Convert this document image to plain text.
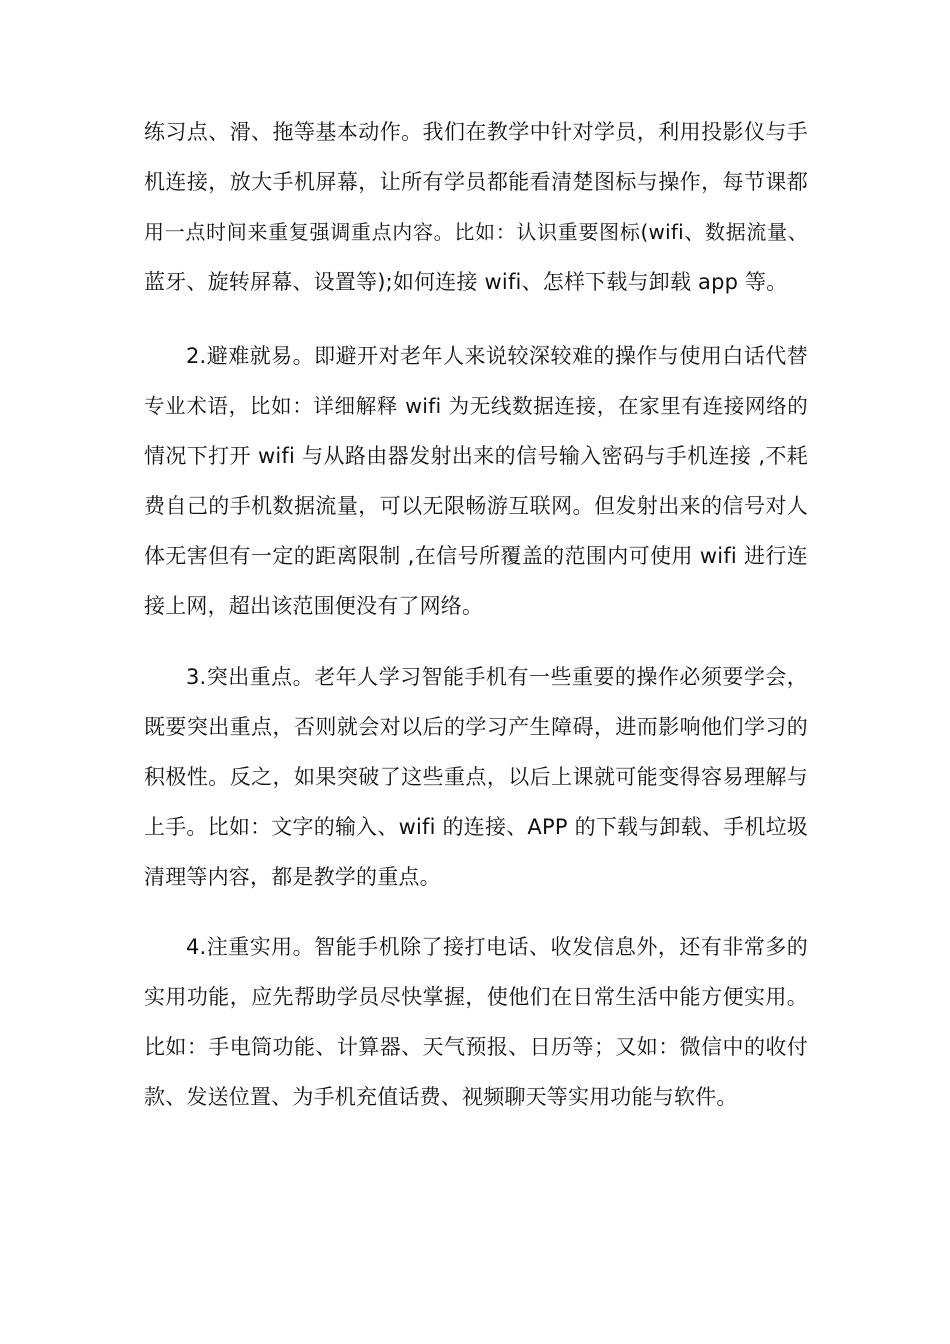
练习点、滑、拖等基本动作。我们在教学中针对学员，利用投影仪与手
机连接，放大手机屏幕，让所有学员都能看清楚图标与操作，每节课都
用一点时间来重复强调重点内容。比如：认识重要图标(wifi、数据流量、
蓝牙、旋转屏幕、设置等);如何连接 wifi、怎样下载与卸载 app 等。
2.避难就易。即避开对老年人来说较深较难的操作与使用白话代替
专业术语，比如：详细解释 wifi 为无线数据连接，在家里有连接网络的
情况下打开 wifi 与从路由器发射出来的信号输入密码与手机连接 ,不耗
费自己的手机数据流量，可以无限畅游互联网。但发射出来的信号对人
体无害但有一定的距离限制 ,在信号所覆盖的范围内可使用 wifi 进行连
接上网，超出该范围便没有了网络。
3.突出重点。老年人学习智能手机有一些重要的操作必须要学会，
既要突出重点，否则就会对以后的学习产生障碍，进而影响他们学习的
积极性。反之，如果突破了这些重点，以后上课就可能变得容易理解与
上手。比如：文字的输入、wifi 的连接、APP 的下载与卸载、手机垃圾
清理等内容，都是教学的重点。
4.注重实用。智能手机除了接打电话、收发信息外，还有非常多的
实用功能，应先帮助学员尽快掌握，使他们在日常生活中能方便实用。
比如：手电筒功能、计算器、天气预报、日历等；又如：微信中的收付
款、发送位置、为手机充值话费、视频聊天等实用功能与软件。
